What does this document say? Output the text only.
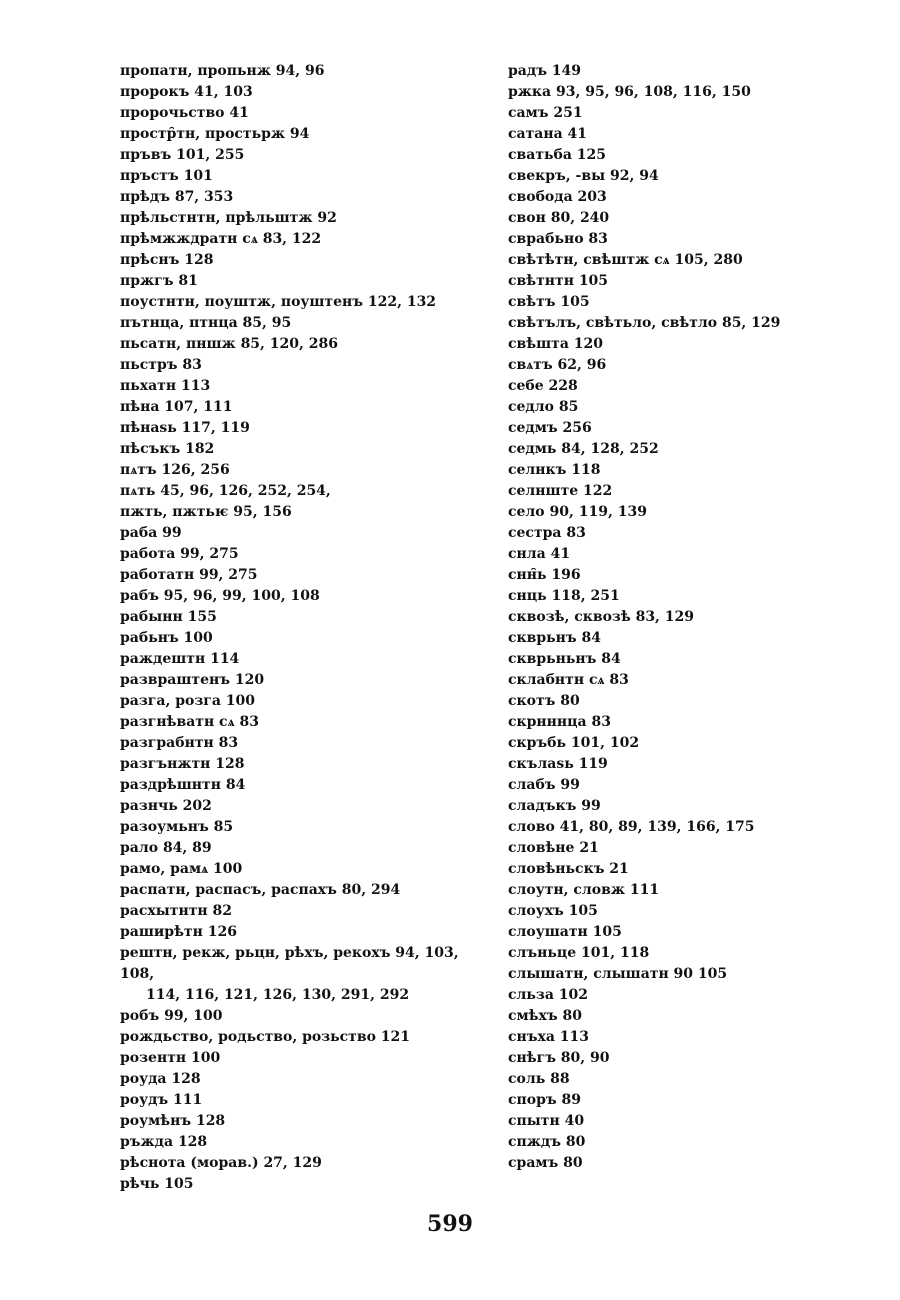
пропатн, пропьнж 94, 96
пророкъ 41, 103
пророчьство 41
простр̑тн, простьрж 94
пръвъ 101, 255
пръстъ 101
прѣдъ 87, 353
прѣльстнтн, прѣльштж 92
прѣмжждратн сѧ 83, 122
прѣснъ 128
пржгъ 81
поустнтн, поуштж, поуштенъ 122, 132
пътнца, птнца 85, 95
пьсатн, пншж 85, 120, 286
пьстръ 83
пьхатн 113
пѣна 107, 111
пѣнаѕь 117, 119
пѣсъкъ 182
пѧтъ 126, 256
пѧть 45, 96, 126, 252, 254,
пжть, пжтьѥ 95, 156
раба 99
работа 99, 275
работатн 99, 275
рабъ 95, 96, 99, 100, 108
рабынн 155
рабьнъ 100
раждештн 114
развраштенъ 120
разга, розга 100
разгнѣватн сѧ 83
разграбнтн 83
разгънжтн 128
раздрѣшнтн 84
разнчь 202
разоумьнъ 85
рало 84, 89
рамо, рамѧ 100
распатн, распасъ, распахъ 80, 294
расхытнтн 82
раширѣтн 126
рештн, рекж, рьцн, рѣхъ, рекохъ 94, 103, 108,
114, 116, 121, 126, 130, 291, 292
робъ 99, 100
рождьство, родьство, розьство 121
розентн 100
роуда 128
роудъ 111
роумѣнъ 128
ръжда 128
рѣснота (морав.) 27, 129
рѣчь 105
радъ 149
ржка 93, 95, 96, 108, 116, 150
самъ 251
сатана 41
сватьба 125
свекръ, -вы 92, 94
свобода 203
свон 80, 240
сврабьно 83
свѣтѣтн, свѣштж сѧ 105, 280
свѣтнтн 105
свѣтъ 105
свѣтълъ, свѣтьло, свѣтло 85, 129
свѣшта 120
свѧтъ 62, 96
себе 228
седло 85
седмъ 256
седмь 84, 128, 252
селнкъ 118
селнште 122
село 90, 119, 139
сестра 83
снла 41
снн̑ь 196
снць 118, 251
сквозѣ, сквозѣ 83, 129
скврьнъ 84
скврьньнъ 84
склабнтн сѧ 83
скотъ 80
скрнннца 83
скръбь 101, 102
скълаѕь 119
слабъ 99
сладъкъ 99
слово 41, 80, 89, 139, 166, 175
словѣне 21
словѣньскъ 21
слоутн, словж 111
слоухъ 105
слоушатн 105
слъньце 101, 118
слышатн, слышатн 90 105
сльза 102
смѣхъ 80
снъха 113
снѣгъ 80, 90
соль 88
споръ 89
спытн 40
спждъ 80
срамъ 80
599
